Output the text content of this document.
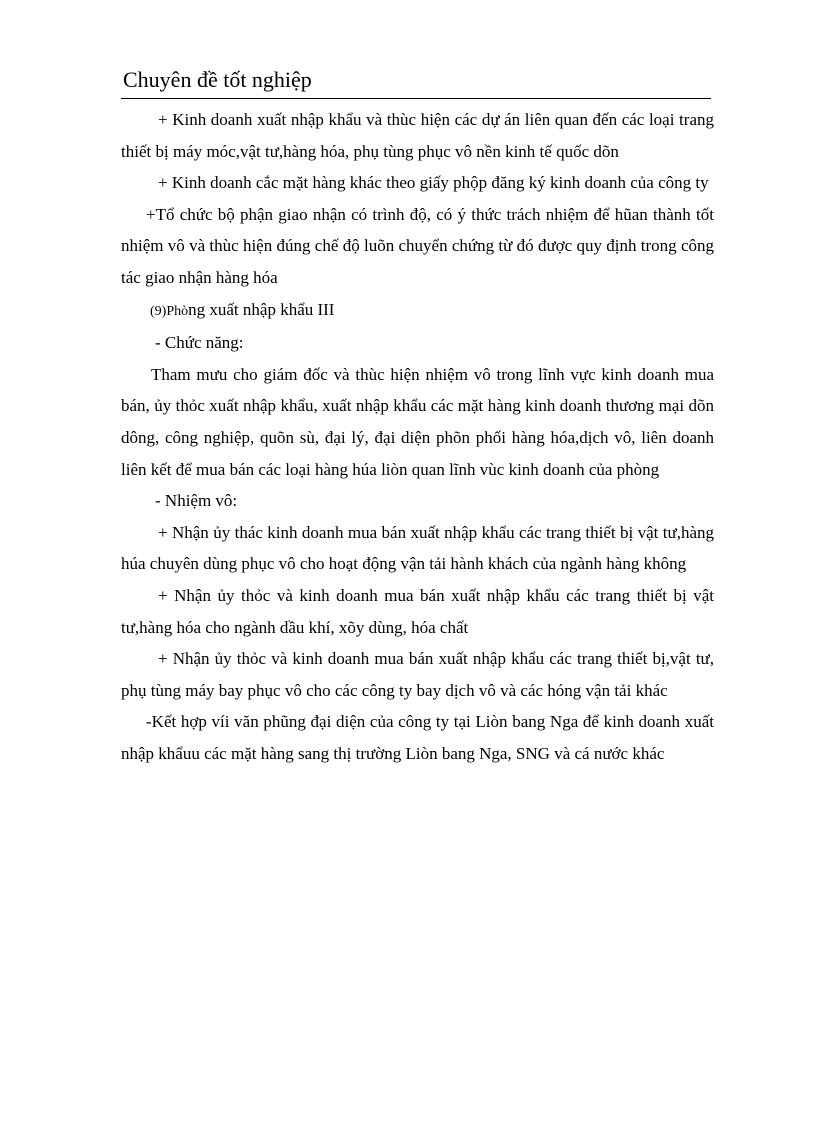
Chuyên đề tốt nghiệp

+ Kinh doanh xuất nhập khẩu và thùc hiện các dự án liên quan đến các loại trang thiết bị máy móc,vật tư,hàng hóa, phụ tùng phục vô nền kinh tế quốc dõn

+ Kinh doanh cắc mặt hàng khác theo giấy phộp đăng ký kinh doanh của công ty

+Tổ chức bộ phận giao nhận có trình độ, có ý thức trách nhiệm để hũan thành tốt nhiệm vô và thùc hiện đúng chế độ luõn chuyển chứng từ đó được quy định trong công tác giao nhận hàng hóa

(9)Phòng xuất nhập khẩu III

- Chức năng:

Tham mưu cho giám đốc và thùc hiện nhiệm vô trong lĩnh vực kinh doanh mua bán, ủy thỏc xuất nhập khẩu, xuất nhập khẩu các mặt hàng kinh doanh thương mại dõn dông, công nghiệp, quõn sù, đại lý, đại diện phõn phối hàng hóa,dịch vô, liên doanh liên kết để mua bán các loại hàng húa liòn quan lĩnh vùc kinh doanh của phòng

- Nhiệm vô:

+ Nhận ủy thác kinh doanh mua bán xuất nhập khẩu các trang thiết bị vật tư,hàng húa chuyên dùng phục vô cho hoạt động vận tải hành khách của ngành hàng không

+ Nhận ủy thỏc và kinh doanh mua bán xuất nhập khẩu các trang thiết bị vật tư,hàng hóa cho ngành dầu khí, xõy dùng, hóa chất

+ Nhận ủy thỏc và kinh doanh mua bán xuất nhập khẩu các trang thiết bị,vật tư, phụ tùng máy bay phục vô cho các công ty bay dịch vô và các hóng vận tải khác

-Kết hợp víi văn phũng đại diện của công ty tại Liòn bang Nga để kinh doanh xuất nhập khẩuu các mặt hàng sang thị trường Liòn bang Nga, SNG và cá nước khác
